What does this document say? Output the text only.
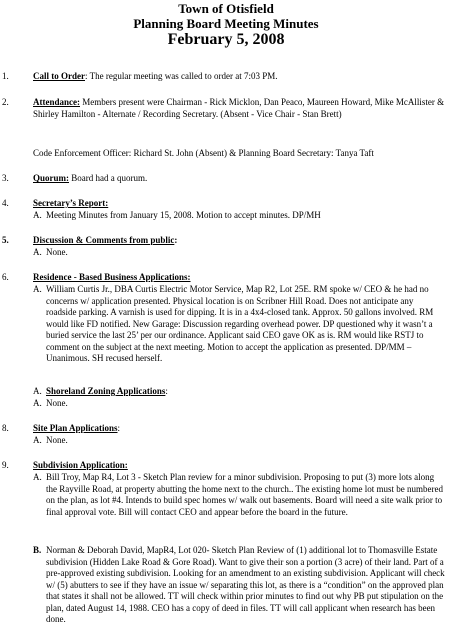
Town of Otisfield
Planning Board Meeting Minutes
February 5, 2008
1.	Call to Order: The regular meeting was called to order at 7:03 PM.
2.	Attendance: Members present were Chairman - Rick Micklon, Dan Peaco, Maureen Howard, Mike McAllister & Shirley Hamilton - Alternate / Recording Secretary. (Absent - Vice Chair - Stan Brett)
Code Enforcement Officer: Richard St. John (Absent) & Planning Board Secretary: Tanya Taft
3.	Quorum: Board had a quorum.
4.	Secretary’s Report:
A. Meeting Minutes from January 15, 2008. Motion to accept minutes. DP/MH
5.	Discussion & Comments from public:
A. None.
6.	Residence - Based Business Applications:
A. William Curtis Jr., DBA Curtis Electric Motor Service, Map R2, Lot 25E. RM spoke w/ CEO & he had no concerns w/ application presented. Physical location is on Scribner Hill Road. Does not anticipate any roadside parking. A varnish is used for dipping. It is in a 4x4-closed tank. Approx. 50 gallons involved. RM would like FD notified. New Garage: Discussion regarding overhead power. DP questioned why it wasn’t a buried service the last 25’ per our ordinance. Applicant said CEO gave OK as is. RM would like RSTJ to comment on the subject at the next meeting. Motion to accept the application as presented. DP/MM – Unanimous. SH recused herself.
A. Shoreland Zoning Applications:
A. None.
8.	Site Plan Applications:
A. None.
9.	Subdivision Application:
A. Bill Troy, Map R4, Lot 3 - Sketch Plan review for a minor subdivision. Proposing to put (3) more lots along the Rayville Road, at property abutting the home next to the church.. The existing home lot must be numbered on the plan, as lot #4. Intends to build spec homes w/ walk out basements. Board will need a site walk prior to final approval vote. Bill will contact CEO and appear before the board in the future.
B. Norman & Deborah David, MapR4, Lot 020- Sketch Plan Review of (1) additional lot to Thomasville Estate subdivision (Hidden Lake Road & Gore Road). Want to give their son a portion (3 acre) of their land. Part of a pre-approved existing subdivision. Looking for an amendment to an existing subdivision. Applicant will check w/ (5) abutters to see if they have an issue w/ separating this lot, as there is a “condition” on the approved plan that states it shall not be allowed. TT will check within prior minutes to find out why PB put stipulation on the plan, dated August 14, 1988. CEO has a copy of deed in files. TT will call applicant when research has been done.
